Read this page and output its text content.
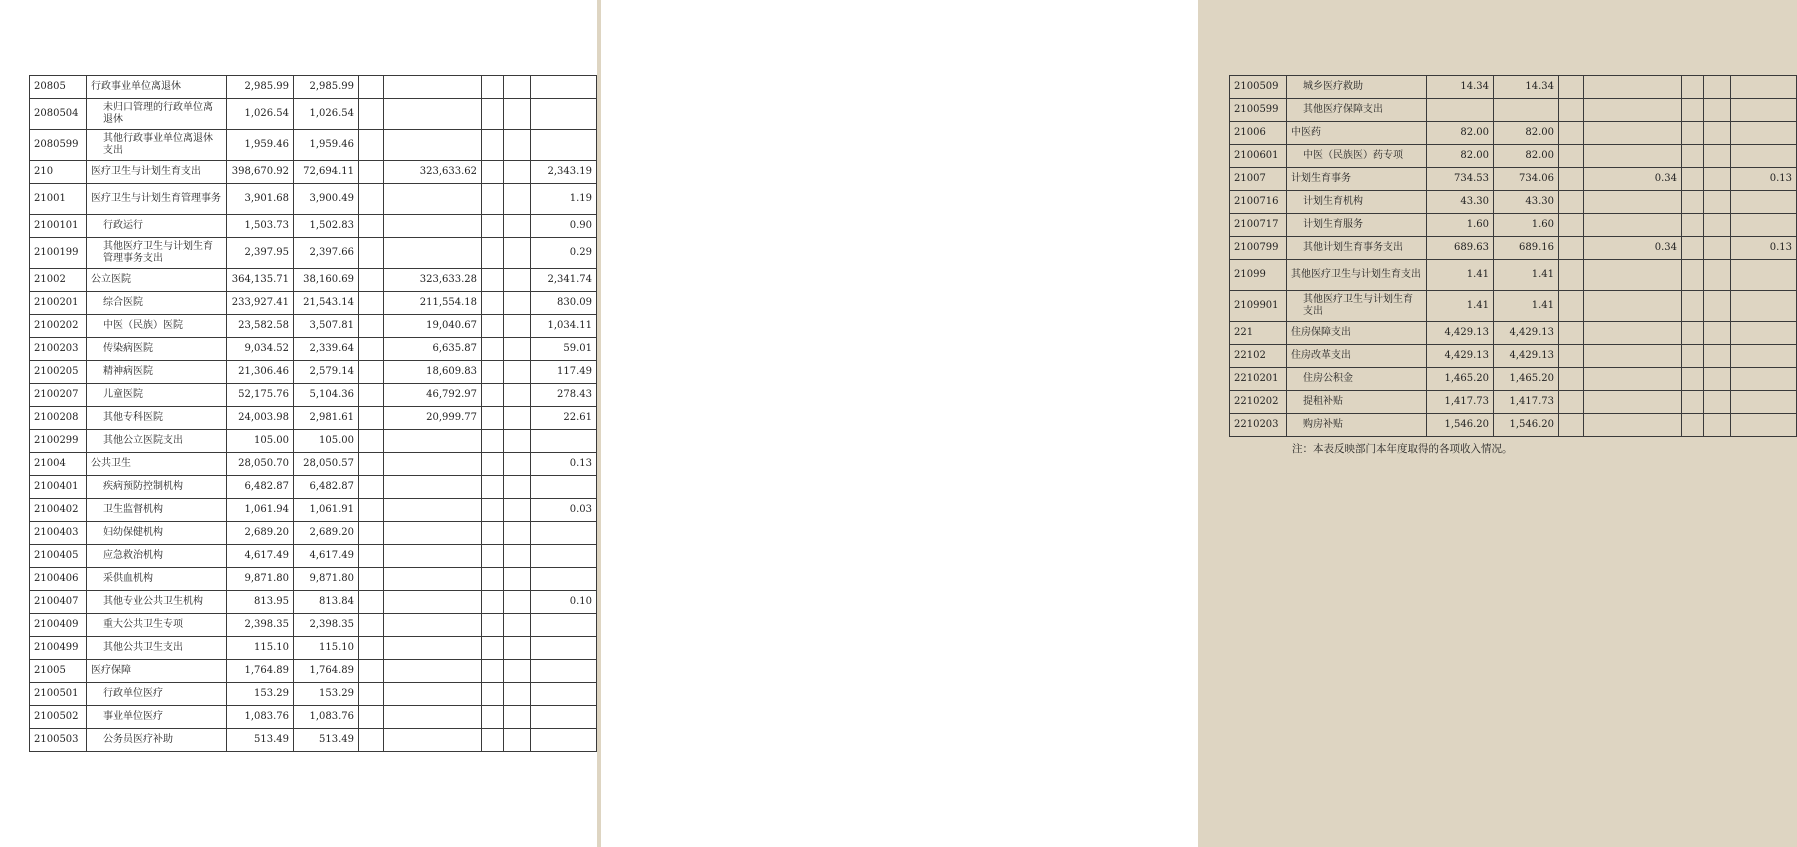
20805	行政事业单位离退休	2,985.99	2,985.99					
2080504	未归口管理的行政单位离退休	1,026.54	1,026.54					
2080599	其他行政事业单位离退休支出	1,959.46	1,959.46					
210	医疗卫生与计划生育支出	398,670.92	72,694.11		323,633.62			2,343.19
21001	医疗卫生与计划生育管理事务	3,901.68	3,900.49					1.19
2100101	行政运行	1,503.73	1,502.83					0.90
2100199	其他医疗卫生与计划生育管理事务支出	2,397.95	2,397.66					0.29
21002	公立医院	364,135.71	38,160.69		323,633.28			2,341.74
2100201	综合医院	233,927.41	21,543.14		211,554.18			830.09
2100202	中医（民族）医院	23,582.58	3,507.81		19,040.67			1,034.11
2100203	传染病医院	9,034.52	2,339.64		6,635.87			59.01
2100205	精神病医院	21,306.46	2,579.14		18,609.83			117.49
2100207	儿童医院	52,175.76	5,104.36		46,792.97			278.43
2100208	其他专科医院	24,003.98	2,981.61		20,999.77			22.61
2100299	其他公立医院支出	105.00	105.00					
21004	公共卫生	28,050.70	28,050.57					0.13
2100401	疾病预防控制机构	6,482.87	6,482.87					
2100402	卫生监督机构	1,061.94	1,061.91					0.03
2100403	妇幼保健机构	2,689.20	2,689.20					
2100405	应急救治机构	4,617.49	4,617.49					
2100406	采供血机构	9,871.80	9,871.80					
2100407	其他专业公共卫生机构	813.95	813.84					0.10
2100409	重大公共卫生专项	2,398.35	2,398.35					
2100499	其他公共卫生支出	115.10	115.10					
21005	医疗保障	1,764.89	1,764.89					
2100501	行政单位医疗	153.29	153.29					
2100502	事业单位医疗	1,083.76	1,083.76					
2100503	公务员医疗补助	513.49	513.49					
2100509	城乡医疗救助	14.34	14.34					
2100599	其他医疗保障支出							
21006	中医药	82.00	82.00					
2100601	中医（民族医）药专项	82.00	82.00					
21007	计划生育事务	734.53	734.06		0.34			0.13
2100716	计划生育机构	43.30	43.30					
2100717	计划生育服务	1.60	1.60					
2100799	其他计划生育事务支出	689.63	689.16		0.34			0.13
21099	其他医疗卫生与计划生育支出	1.41	1.41					
2109901	其他医疗卫生与计划生育支出	1.41	1.41					
221	住房保障支出	4,429.13	4,429.13					
22102	住房改革支出	4,429.13	4,429.13					
2210201	住房公积金	1,465.20	1,465.20					
2210202	提租补贴	1,417.73	1,417.73					
2210203	购房补贴	1,546.20	1,546.20					
注：本表反映部门本年度取得的各项收入情况。
